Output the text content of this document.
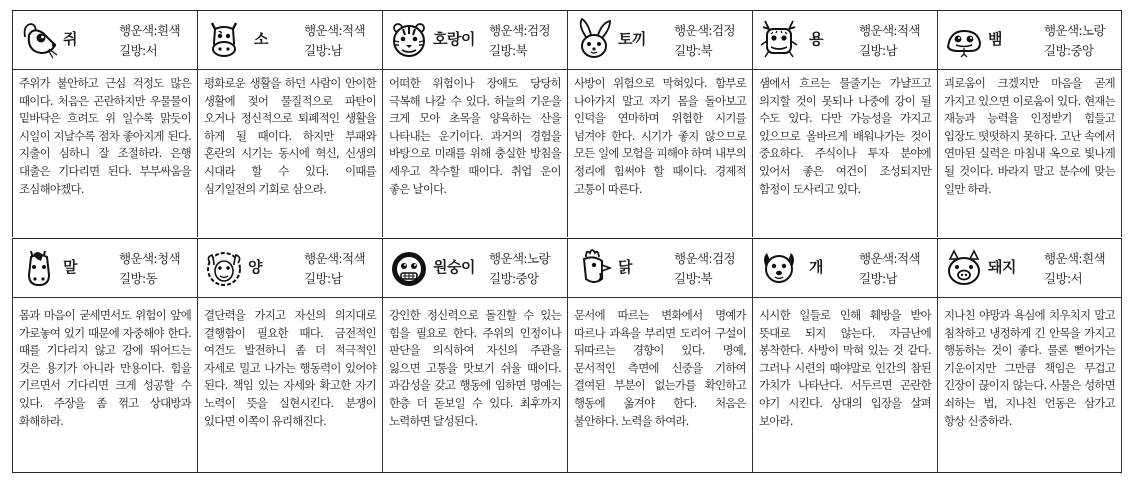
쥐	행운색:흰색
길방:서
주위가 불안하고 근심 걱정도 많은 때이다. 처음은 곤란하지만 우물물이 밑바닥은 흐려도 위 일수록 맑듯이 시일이 지날수록 점차 좋아지게 된다. 지출이 심하니 잘 조절하라. 은행 대출은 기다리면 된다. 부부싸움을 조심해야겠다.
소	행운색:적색
길방:남
평화로운 생활을 하던 사람이 안이한 생활에 젖어 물질적으로 파탄이 오거나 정신적으로 퇴폐적인 생활을 하게 될 때이다. 하지만 부패와 혼란의 시기는 동시에 혁신, 신생의 시대라 할 수 있다. 이때를 심기일전의 기회로 삼으라.
호랑이 행운색:검정
길방:북
어떠한 위험이나 장애도 당당히 극복해 나갈 수 있다. 하늘의 기운을 크게 모아 초목을 양육하는 산을 나타내는 운기이다. 과거의 경험을 바탕으로 미래를 위해 충실한 방침을 세우고 착수할 때이다. 취업 운이 좋은 날이다.
토끼 행운색:검정
길방:북
사방이 위험으로 막혀있다. 함부로 나아가지 말고 자기 몸을 돌아보고 인덕을 연마하며 위험한 시기를 넘겨야 한다. 시기가 좋지 않으므로 모든 일에 모험을 피해야 하며 내부의 정리에 힘써야 할 때이다. 경제적 고통이 따른다.
용	행운색:적색
길방:남
샘에서 흐르는 물줄기는 가냘프고 의지할 것이 못되나 나중에 강이 될 수도 있다. 다만 가능성을 가지고 있으므로 올바르게 배워나가는 것이 중요하다. 주식이나 투자 분야에 있어서 좋은 여건이 조성되지만 함정이 도사리고 있다.
뱀	행운색:노랑
길방:중앙
괴로움이 크겠지만 마음을 곧게 가지고 있으면 이로움이 있다. 현재는 재능과 능력을 인정받기 힘들고 입장도 떳떳하지 못하다. 고난 속에서 연마된 실력은 마침내 옥으로 빛나게 될 것이다. 바라지 말고 분수에 맞는 일만 하라.
말	행운색:청색
길방:동
몸과 마음이 굳세면서도 위험이 앞에 가로놓여 있기 때문에 자중해야 한다. 때를 기다리지 않고 강에 뛰어드는 것은 용기가 아니라 만용이다. 힘을 기르면서 기다리면 크게 성공할 수 있다. 주장을 좀 꺾고 상대방과 화해하라.
양	행운색:적색
길방:남
결단력을 가지고 자신의 의지대로 결행함이 필요한 때다. 금전적인 여건도 발전하니 좀 더 적극적인 자세로 밀고 나가는 행동력이 있어야 된다. 책임 있는 자세와 확고한 자기 노력이 뜻을 실현시킨다. 분쟁이 있다면 이쪽이 유리해진다.
원숭이 행운색:노랑
길방:중앙
강인한 정신력으로 돌진할 수 있는 힘을 필요로 한다. 주위의 인정이나 판단을 의식하여 자신의 주관을 잃으면 고통을 맛보기 쉬울 때이다. 과감성을 갖고 행동에 임하면 명예는 한층 더 돋보일 수 있다. 최후까지 노력하면 달성된다.
닭	행운색:검정
길방:북
문서에 따르는 변화에서 명예가 따르나 과욕을 부리면 도리어 구설이 뒤따르는 경향이 있다. 명예, 문서적인 측면에 신중을 기하여 결여된 부분이 없는가를 확인하고 행동에 옮겨야 한다. 처음은 불안하다. 노력을 하여라.
개	행운색:적색
길방:남
시시한 일들로 인해 훼방을 받아 뜻대로 되지 않는다. 자금난에 봉착한다. 사방이 막혀 있는 것 같다. 그러나 시련의 때야말로 인간의 참된 가치가 나타난다. 서두르면 곤란한 야기 시킨다. 상대의 입장을 살펴 보아라.
돼지 행운색:흰색
길방:서
지나친 야망과 욕심에 치우치지 말고 침착하고 냉정하게 긴 안목을 가지고 행동하는 것이 좋다. 물론 뻗어가는 기운이지만 그만큼 책임은 무겁고 긴장이 끊이지 않는다. 사물은 성하면 쇠하는 법, 지나친 언동은 삼가고 항상 신중하라.
